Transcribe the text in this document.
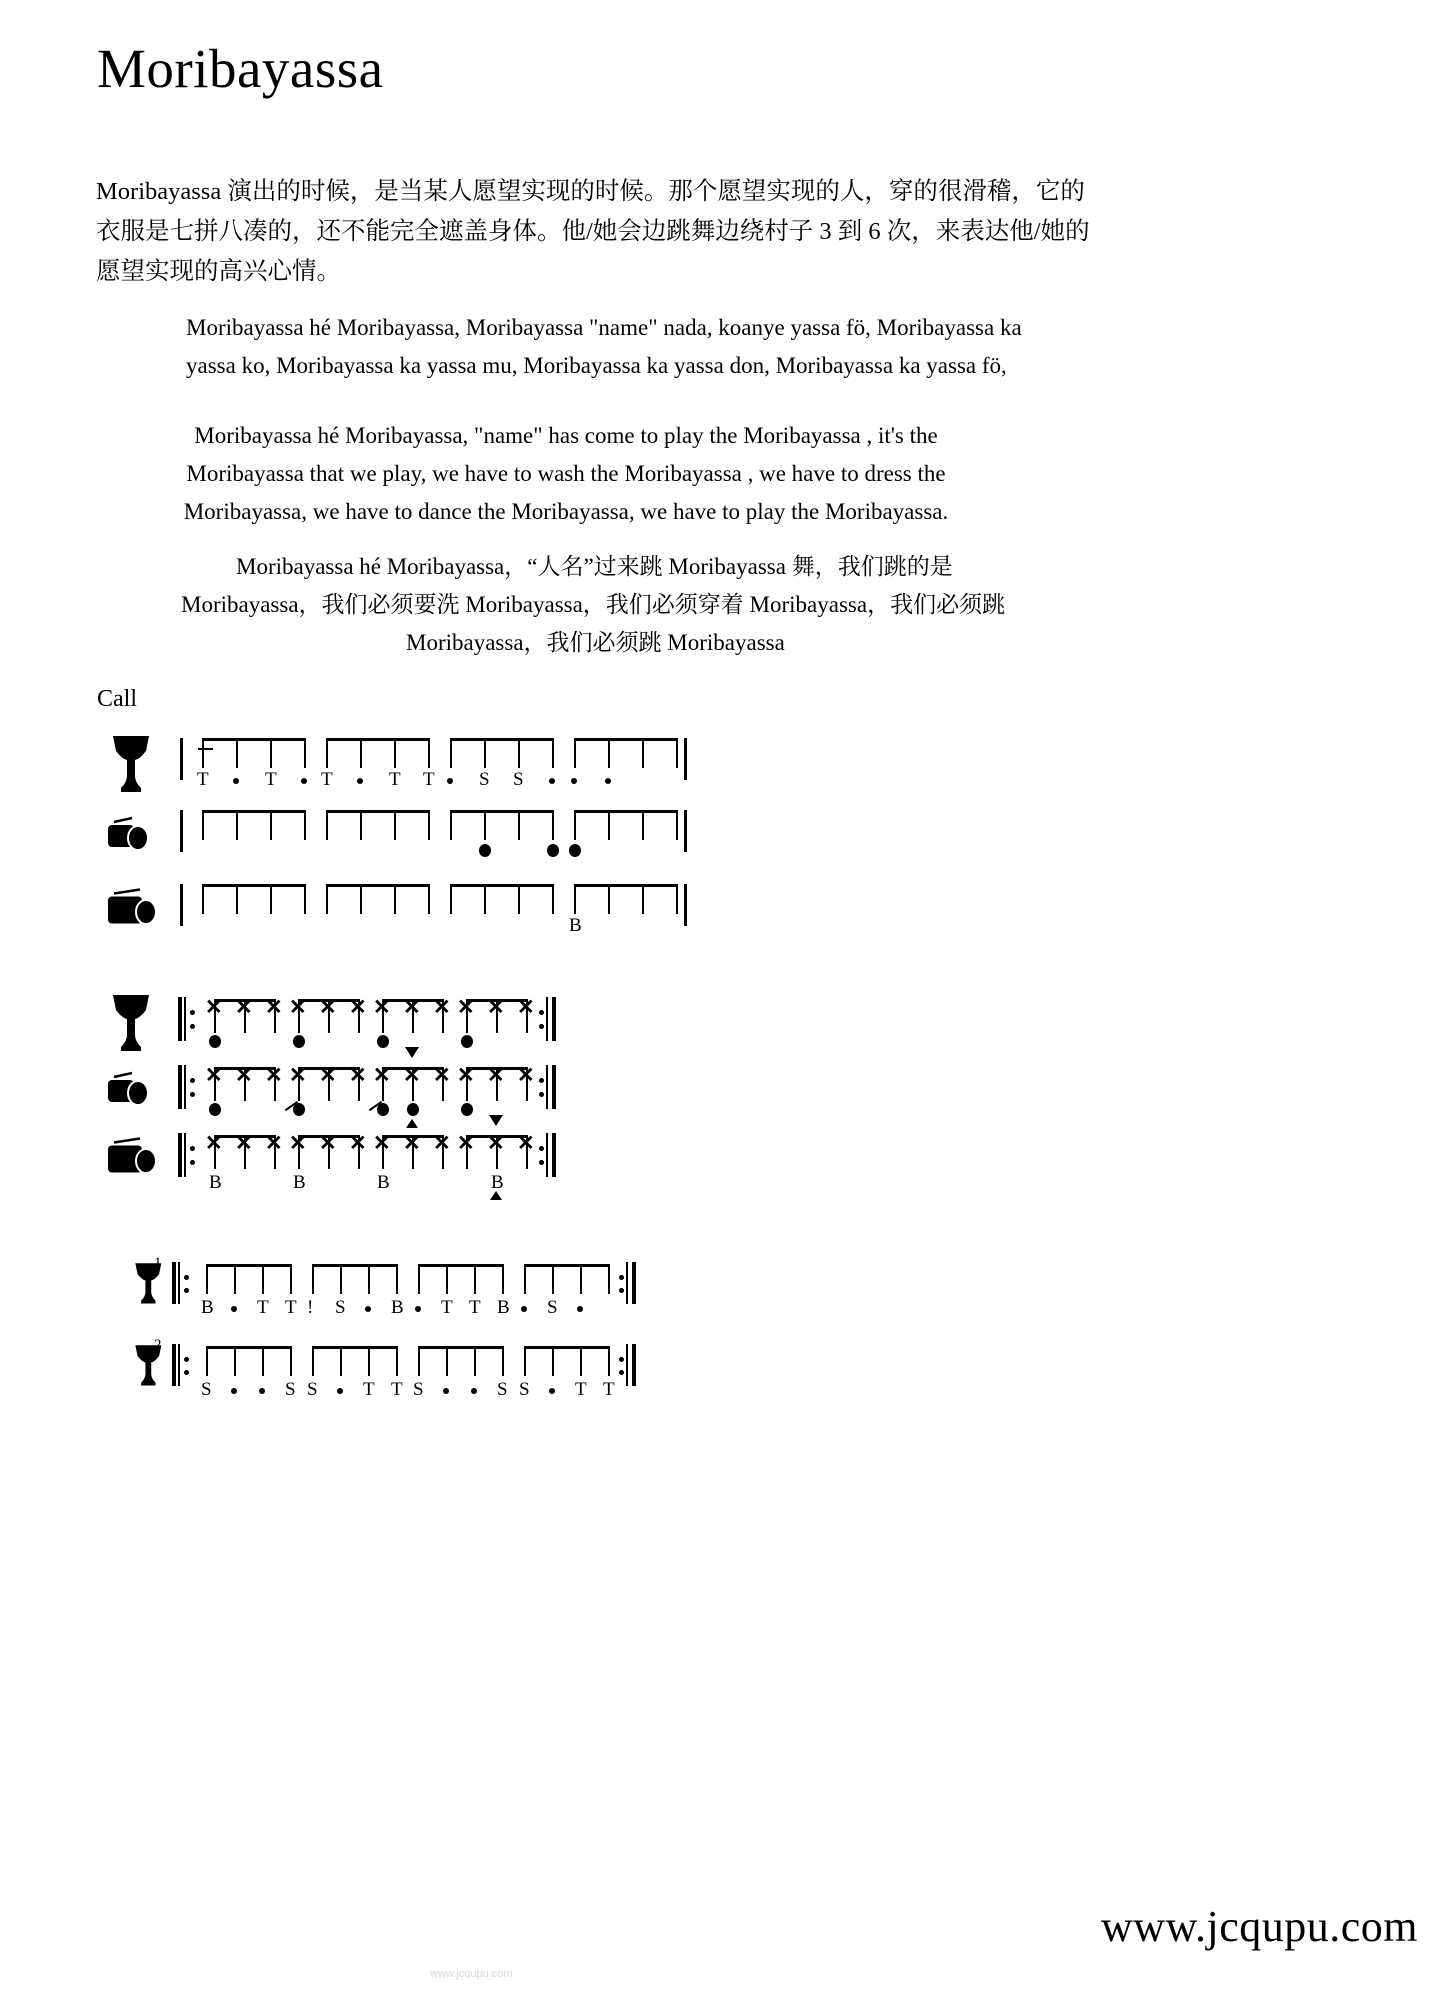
Moribayassa
Moribayassa 演出的时候，是当某人愿望实现的时候。那个愿望实现的人，穿的很滑稽，它的
衣服是七拼八凑的，还不能完全遮盖身体。他/她会边跳舞边绕村子 3 到 6 次，来表达他/她的
愿望实现的高兴心情。
Moribayassa hé Moribayassa, Moribayassa "name" nada, koanye yassa fö, Moribayassa ka
yassa ko, Moribayassa ka yassa mu, Moribayassa ka yassa don, Moribayassa ka yassa fö,
Moribayassa hé Moribayassa, "name" has come to play the Moribayassa , it's the
Moribayassa that we play, we have to wash the Moribayassa , we have to dress the
Moribayassa, we have to dance the Moribayassa, we have to play the Moribayassa.
Moribayassa hé Moribayassa，“人名”过来跳 Moribayassa 舞，我们跳的是
Moribayassa，我们必须要洗 Moribayassa，我们必须穿着 Moribayassa，我们必须跳
Moribayassa，我们必须跳 Moribayassa
Call
T	T T	T T S S
B
✕ ✕ ✕ ✕ ✕ ✕ ✕ ✕ ✕ ✕ ✕ ✕
✕ ✕ ✕ ✕ ✕ ✕ ✕ ✕ ✕ ✕ ✕ ✕
✕ ✕ ✕ ✕ ✕ ✕ ✕ ✕ ✕ ✕ ✕ ✕
B	B	B	B
1
B T T ! S B T T B S
2
S	S S T T S	S S T T
www.jcqupu.com
www.jcqupu.com
